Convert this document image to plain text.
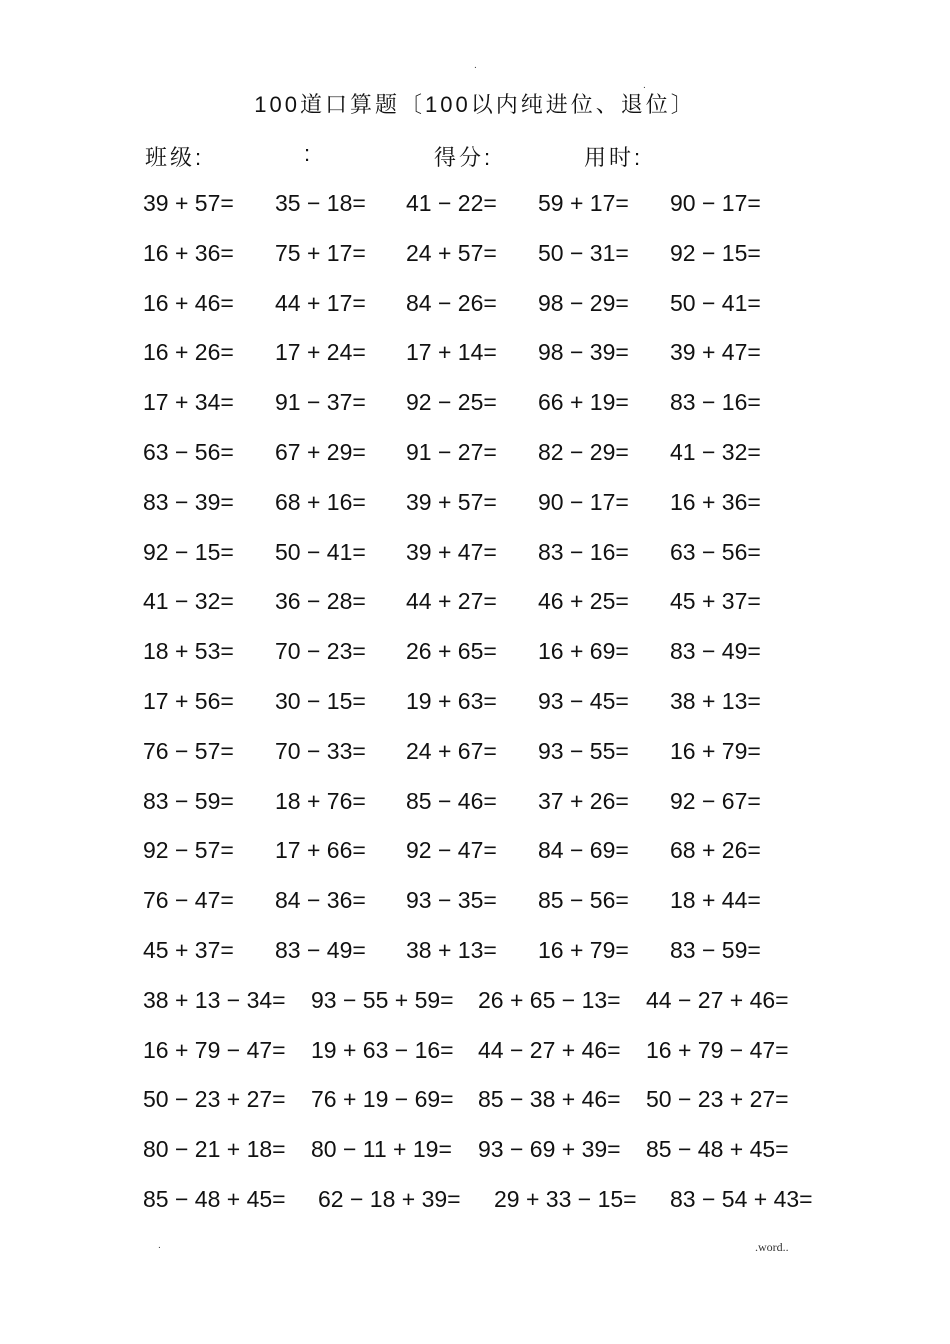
.
.
100道口算题〔100以内纯进位、退位〕
班级:	:	得分:	用时:
39 + 57= 35 − 18= 41 − 22= 59 + 17= 90 − 17=
16 + 36= 75 + 17= 24 + 57= 50 − 31= 92 − 15=
16 + 46= 44 + 17= 84 − 26= 98 − 29= 50 − 41=
16 + 26= 17 + 24= 17 + 14= 98 − 39= 39 + 47=
17 + 34= 91 − 37= 92 − 25= 66 + 19= 83 − 16=
63 − 56= 67 + 29= 91 − 27= 82 − 29= 41 − 32=
83 − 39= 68 + 16= 39 + 57= 90 − 17= 16 + 36=
92 − 15= 50 − 41= 39 + 47= 83 − 16= 63 − 56=
41 − 32= 36 − 28= 44 + 27= 46 + 25= 45 + 37=
18 + 53= 70 − 23= 26 + 65= 16 + 69= 83 − 49=
17 + 56= 30 − 15= 19 + 63= 93 − 45= 38 + 13=
76 − 57= 70 − 33= 24 + 67= 93 − 55= 16 + 79=
83 − 59= 18 + 76= 85 − 46= 37 + 26= 92 − 67=
92 − 57= 17 + 66= 92 − 47= 84 − 69= 68 + 26=
76 − 47= 84 − 36= 93 − 35= 85 − 56= 18 + 44=
45 + 37= 83 − 49= 38 + 13= 16 + 79= 83 − 59=
38 + 13 − 34= 93 − 55 + 59= 26 + 65 − 13= 44 − 27 + 46=
16 + 79 − 47= 19 + 63 − 16= 44 − 27 + 46= 16 + 79 − 47=
50 − 23 + 27= 76 + 19 − 69= 85 − 38 + 46= 50 − 23 + 27=
80 − 21 + 18= 80 − 11 + 19= 93 − 69 + 39= 85 − 48 + 45=
85 − 48 + 45= 62 − 18 + 39= 29 + 33 − 15= 83 − 54 + 43=
.	.word..
